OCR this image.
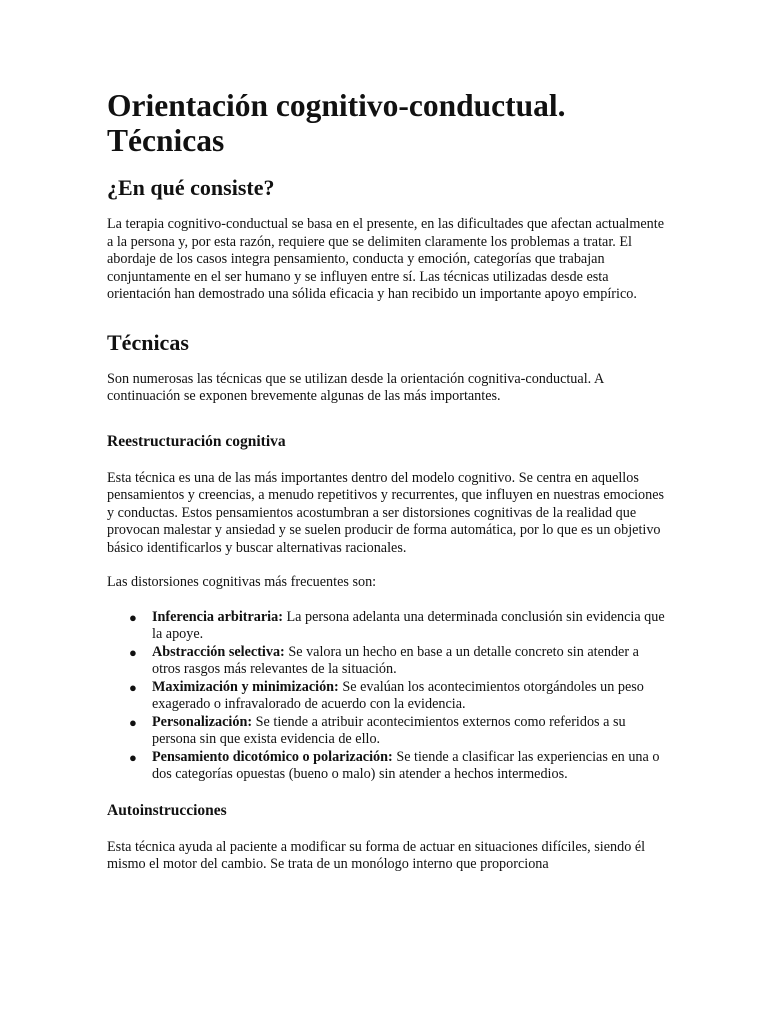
Orientación cognitivo-conductual. Técnicas
¿En qué consiste?

La terapia cognitivo-conductual se basa en el presente, en las dificultades que afectan actualmente a la persona y, por esta razón, requiere que se delimiten claramente los problemas a tratar. El abordaje de los casos integra pensamiento, conducta y emoción, categorías que trabajan conjuntamente en el ser humano y se influyen entre sí. Las técnicas utilizadas desde esta orientación han demostrado una sólida eficacia y han recibido un importante apoyo empírico.

Técnicas

Son numerosas las técnicas que se utilizan desde la orientación cognitiva-conductual. A continuación se exponen brevemente algunas de las más importantes.

Reestructuración cognitiva

Esta técnica es una de las más importantes dentro del modelo cognitivo. Se centra en aquellos pensamientos y creencias, a menudo repetitivos y recurrentes, que influyen en nuestras emociones y conductas. Estos pensamientos acostumbran a ser distorsiones cognitivas de la realidad que provocan malestar y ansiedad y se suelen producir de forma automática, por lo que es un objetivo básico identificarlos y buscar alternativas racionales.

Las distorsiones cognitivas más frecuentes son:

● Inferencia arbitraria: La persona adelanta una determinada conclusión sin evidencia que la apoye.
● Abstracción selectiva: Se valora un hecho en base a un detalle concreto sin atender a otros rasgos más relevantes de la situación.
● Maximización y minimización: Se evalúan los acontecimientos otorgándoles un peso exagerado o infravalorado de acuerdo con la evidencia.
● Personalización: Se tiende a atribuir acontecimientos externos como referidos a su persona sin que exista evidencia de ello.
● Pensamiento dicotómico o polarización: Se tiende a clasificar las experiencias en una o dos categorías opuestas (bueno o malo) sin atender a hechos intermedios.
Autoinstrucciones

Esta técnica ayuda al paciente a modificar su forma de actuar en situaciones difíciles, siendo él mismo el motor del cambio. Se trata de un monólogo interno que proporciona
